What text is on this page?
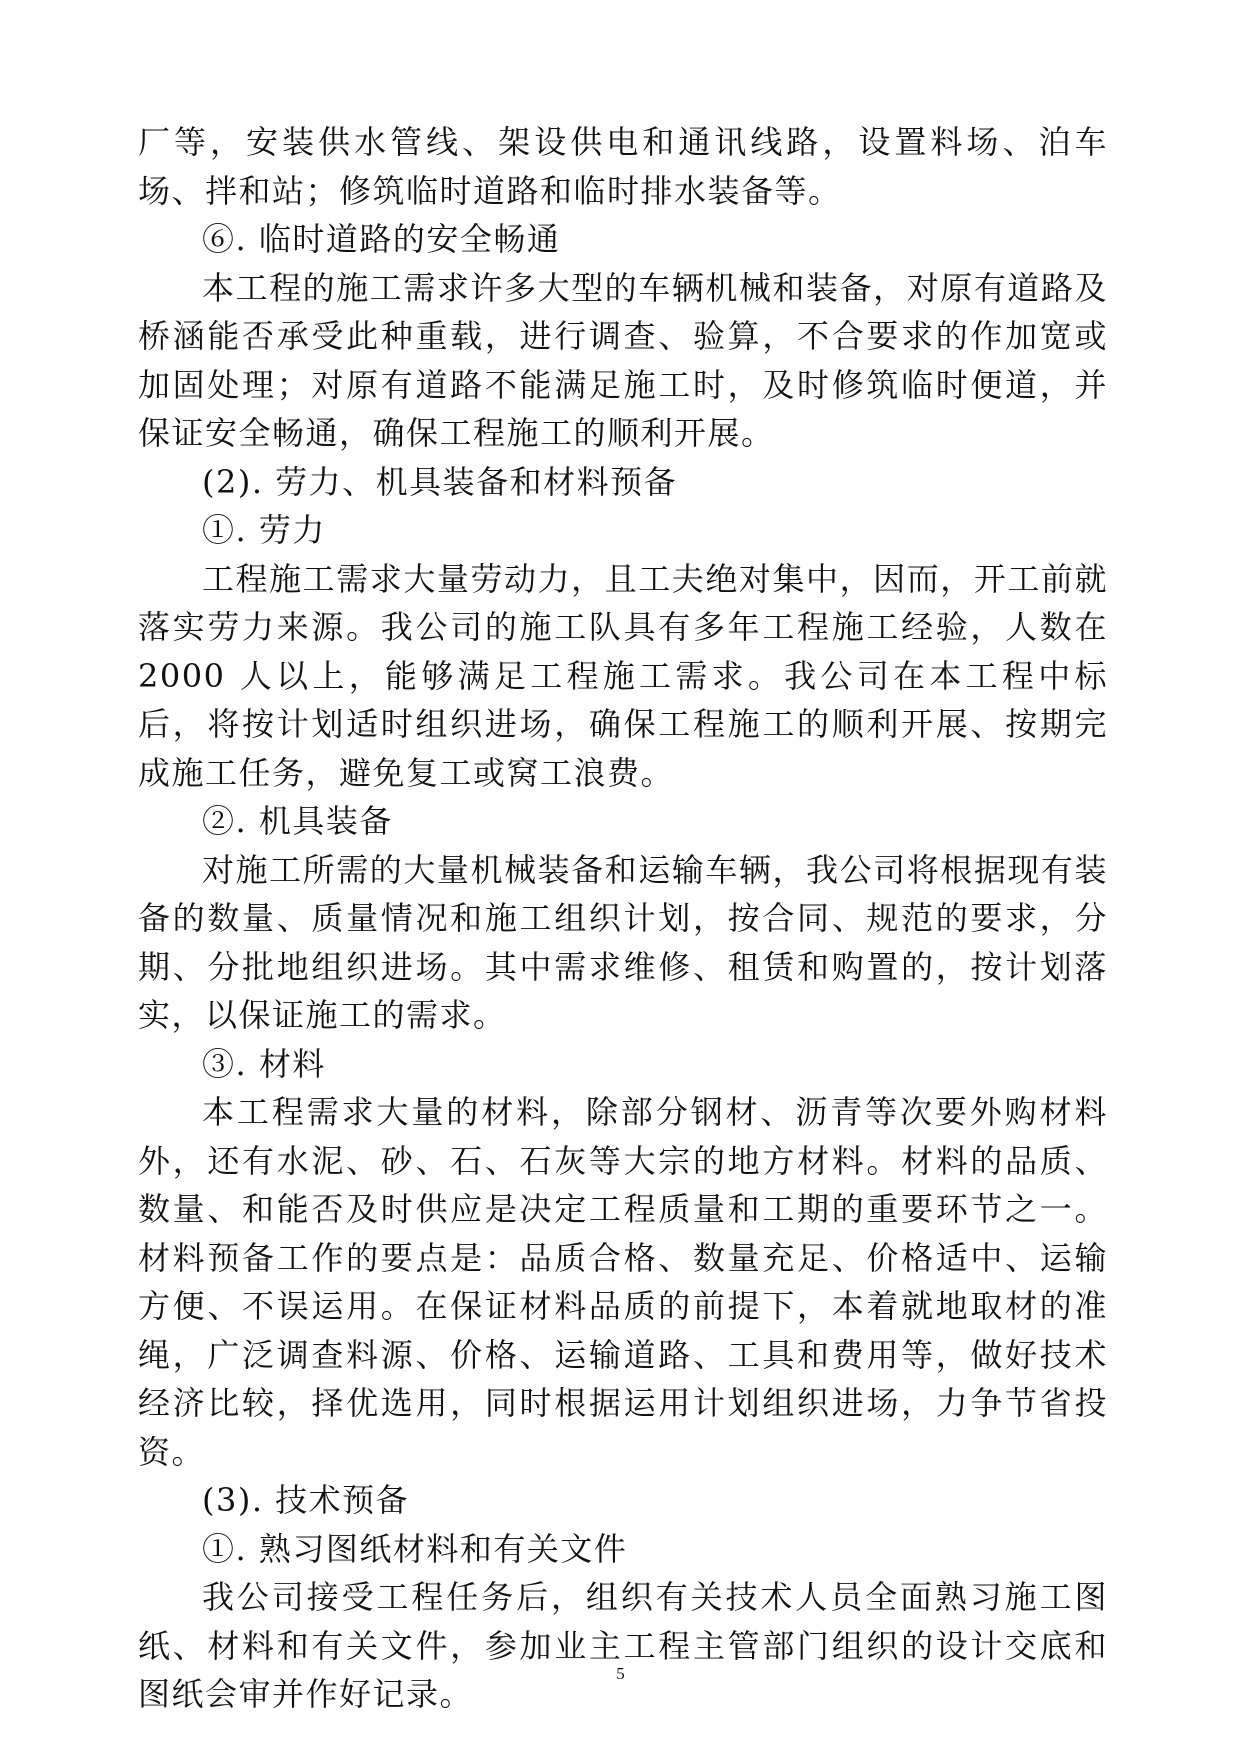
厂等，安装供水管线、架设供电和通讯线路，设置料场、泊车场、拌和站；修筑临时道路和临时排水装备等。

⑥. 临时道路的安全畅通

本工程的施工需求许多大型的车辆机械和装备，对原有道路及桥涵能否承受此种重载，进行调查、验算，不合要求的作加宽或加固处理；对原有道路不能满足施工时，及时修筑临时便道，并保证安全畅通，确保工程施工的顺利开展。

(2). 劳力、机具装备和材料预备

①. 劳力

工程施工需求大量劳动力，且工夫绝对集中，因而，开工前就落实劳力来源。我公司的施工队具有多年工程施工经验，人数在 2000 人以上，能够满足工程施工需求。我公司在本工程中标后，将按计划适时组织进场，确保工程施工的顺利开展、按期完成施工任务，避免复工或窝工浪费。

②. 机具装备

对施工所需的大量机械装备和运输车辆，我公司将根据现有装备的数量、质量情况和施工组织计划，按合同、规范的要求，分期、分批地组织进场。其中需求维修、租赁和购置的，按计划落实，以保证施工的需求。

③. 材料

本工程需求大量的材料，除部分钢材、沥青等次要外购材料外，还有水泥、砂、石、石灰等大宗的地方材料。材料的品质、数量、和能否及时供应是决定工程质量和工期的重要环节之一。材料预备工作的要点是：品质合格、数量充足、价格适中、运输方便、不误运用。在保证材料品质的前提下，本着就地取材的准绳，广泛调查料源、价格、运输道路、工具和费用等，做好技术经济比较，择优选用，同时根据运用计划组织进场，力争节省投资。

(3). 技术预备

①. 熟习图纸材料和有关文件

我公司接受工程任务后，组织有关技术人员全面熟习施工图纸、材料和有关文件，参加业主工程主管部门组织的设计交底和图纸会审并作好记录。

5
